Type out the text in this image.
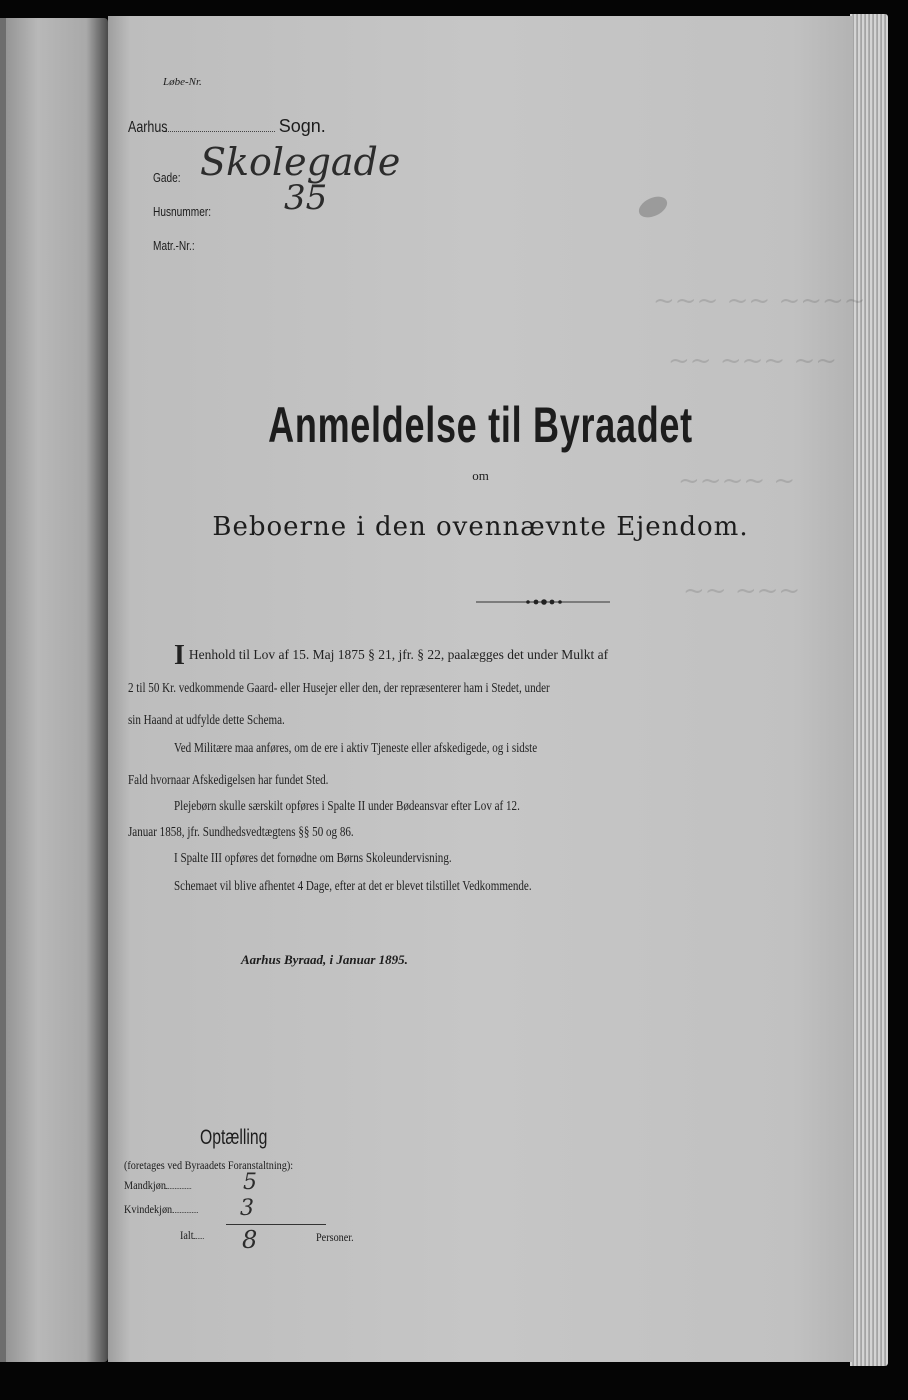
~~~ ~~ ~~~~
~~ ~~~ ~~
~~~~ ~
~~ ~~~
Løbe-Nr.
Aarhus	Sogn.
Gade: Skolegade
Husnummer: 35
Matr.-Nr.:
Anmeldelse til Byraadet
om
Beboerne i den ovennævnte Ejendom.
I Henhold til Lov af 15. Maj 1875 § 21, jfr. § 22, paalægges det under Mulkt af
2 til 50 Kr. vedkommende Gaard- eller Husejer eller den, der repræsenterer ham i Stedet, under
sin Haand at udfylde dette Schema.
Ved Militære maa anføres, om de ere i aktiv Tjeneste eller afskedigede, og i sidste
Fald hvornaar Afskedigelsen har fundet Sted.
Plejebørn skulle særskilt opføres i Spalte II under Bødeansvar efter Lov af 12.
Januar 1858, jfr. Sundhedsvedtægtens §§ 50 og 86.
I Spalte III opføres det fornødne om Børns Skoleundervisning.
Schemaet vil blive afhentet 4 Dage, efter at det er blevet tilstillet Vedkommende.
Aarhus Byraad, i Januar 1895.
Optælling
(foretages ved Byraadets Foranstaltning):
Mandkjøn	5
Kvindekjøn	3
Ialt	8	Personer.
